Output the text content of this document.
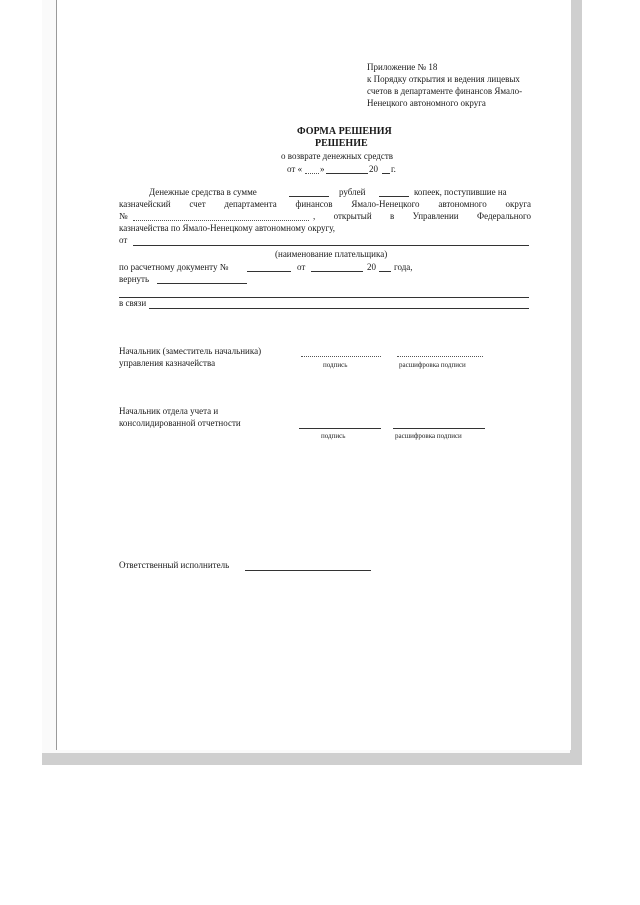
Приложение № 18
к Порядку открытия и ведения лицевых
счетов в департаменте финансов Ямало-
Ненецкого автономного округа
ФОРМА РЕШЕНИЯ
РЕШЕНИЕ
о возврате денежных средств
от « »	20 г.
Денежные средства в сумме	рублей	копеек, поступившие на
казначейский счет департамента финансов Ямало-Ненецкого автономного округа
№	, открытый в Управлении Федерального
казначейства по Ямало-Ненецкому автономному округу,
от
(наименование плательщика)
по расчетному документу №	от	20 года,
вернуть
в связи
Начальник (заместитель начальника)
управления казначейства	подпись	расшифровка подписи
Начальник отдела учета и
консолидированной отчетности
подпись	расшифровка подписи
Ответственный исполнитель
